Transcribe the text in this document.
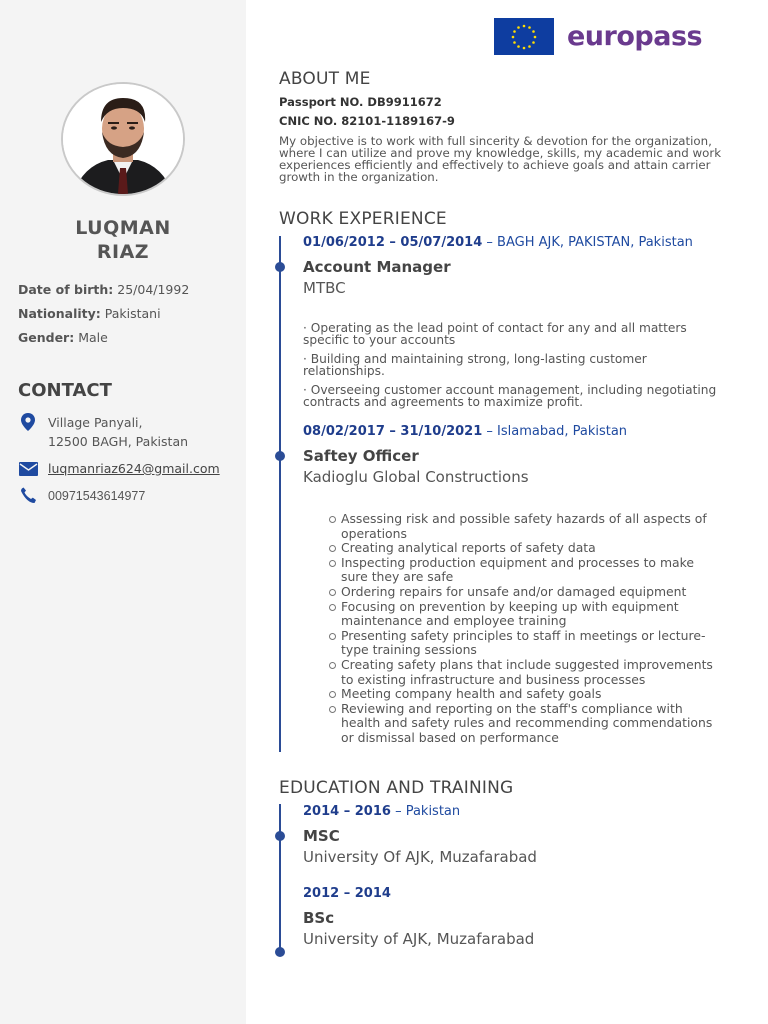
LUQMAN
RIAZ
Date of birth: 25/04/1992
Nationality: Pakistani
Gender: Male
CONTACT
Village Panyali,
12500 BAGH, Pakistan
luqmanriaz624@gmail.com
00971543614977
europass
ABOUT ME
Passport NO. DB9911672
CNIC NO. 82101-1189167-9
My objective is to work with full sincerity & devotion for the organization, where I can utilize and prove my knowledge, skills, my academic and work experiences efficiently and effectively to achieve goals and attain carrier growth in the organization.
WORK EXPERIENCE
01/06/2012 – 05/07/2014 – BAGH AJK, PAKISTAN, Pakistan
Account Manager
MTBC

· Operating as the lead point of contact for any and all matters specific to your accounts

· Building and maintaining strong, long-lasting customer relationships.

· Overseeing customer account management, including negotiating contracts and agreements to maximize profit.

08/02/2017 – 31/10/2021 – Islamabad, Pakistan
Saftey Officer
Kadioglu Global Constructions
Assessing risk and possible safety hazards of all aspects of operations
Creating analytical reports of safety data
Inspecting production equipment and processes to make sure they are safe
Ordering repairs for unsafe and/or damaged equipment
Focusing on prevention by keeping up with equipment maintenance and employee training
Presenting safety principles to staff in meetings or lecture-type training sessions
Creating safety plans that include suggested improvements to existing infrastructure and business processes
Meeting company health and safety goals
Reviewing and reporting on the staff's compliance with health and safety rules and recommending commendations or dismissal based on performance
EDUCATION AND TRAINING
2014 – 2016 – Pakistan
MSC
University Of AJK, Muzafarabad
2012 – 2014
BSc
University of AJK, Muzafarabad
